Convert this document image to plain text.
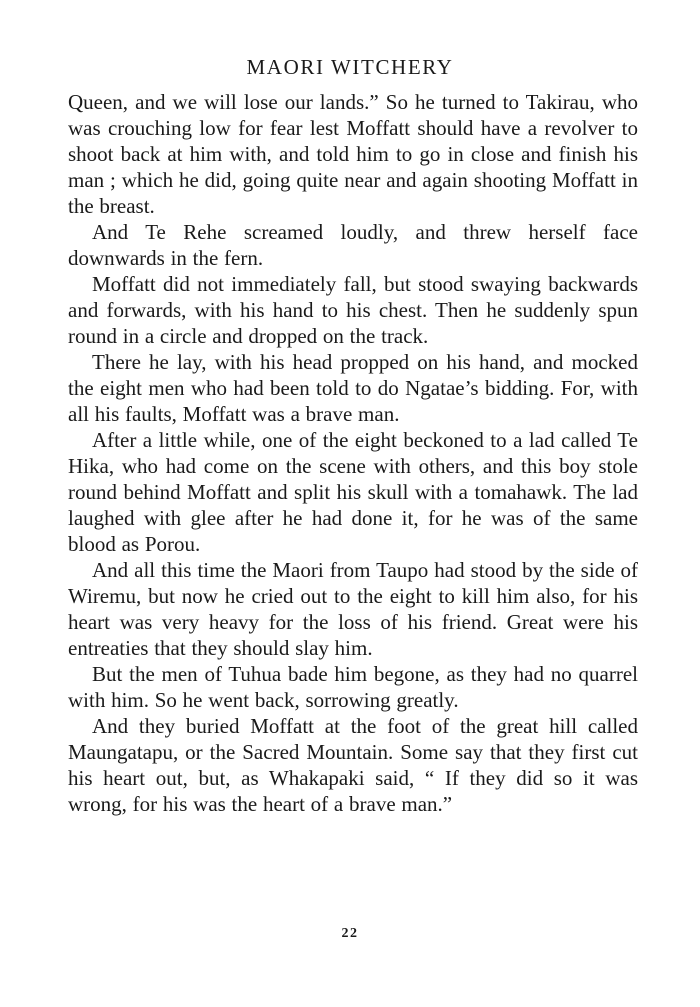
MAORI WITCHERY

Queen, and we will lose our lands.” So he turned to Takirau, who was crouching low for fear lest Moffatt should have a revolver to shoot back at him with, and told him to go in close and finish his man ; which he did, going quite near and again shooting Moffatt in the breast.

And Te Rehe screamed loudly, and threw herself face downwards in the fern.

Moffatt did not immediately fall, but stood swaying backwards and forwards, with his hand to his chest. Then he suddenly spun round in a circle and dropped on the track.

There he lay, with his head propped on his hand, and mocked the eight men who had been told to do Ngatae’s bidding. For, with all his faults, Moffatt was a brave man.

After a little while, one of the eight beckoned to a lad called Te Hika, who had come on the scene with others, and this boy stole round behind Moffatt and split his skull with a tomahawk. The lad laughed with glee after he had done it, for he was of the same blood as Porou.

And all this time the Maori from Taupo had stood by the side of Wiremu, but now he cried out to the eight to kill him also, for his heart was very heavy for the loss of his friend. Great were his entreaties that they should slay him.

But the men of Tuhua bade him begone, as they had no quarrel with him. So he went back, sorrowing greatly.

And they buried Moffatt at the foot of the great hill called Maungatapu, or the Sacred Mountain. Some say that they first cut his heart out, but, as Whakapaki said, “ If they did so it was wrong, for his was the heart of a brave man.”

22
